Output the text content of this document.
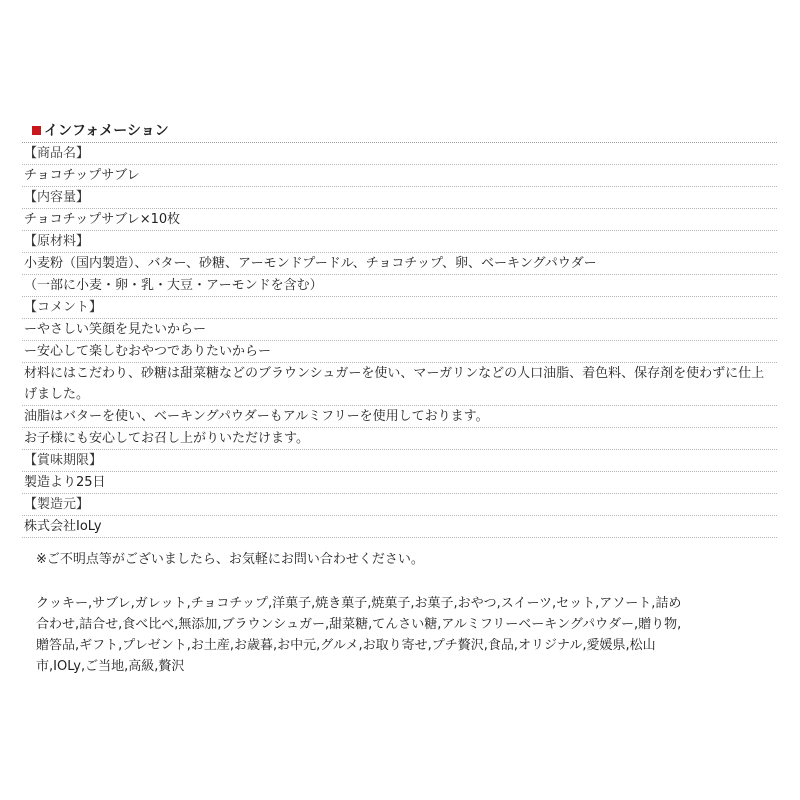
インフォメーション
【商品名】
チョコチップサブレ
【内容量】
チョコチップサブレ×10枚
【原材料】
小麦粉（国内製造）、バター、砂糖、アーモンドプードル、チョコチップ、卵、ベーキングパウダー
（一部に小麦・卵・乳・大豆・アーモンドを含む）
【コメント】
ーやさしい笑顔を見たいからー
ー安心して楽しむおやつでありたいからー
材料にはこだわり、砂糖は甜菜糖などのブラウンシュガーを使い、マーガリンなどの人口油脂、着色料、保存剤を使わずに仕上げました。
油脂はバターを使い、ベーキングパウダーもアルミフリーを使用しております。
お子様にも安心してお召し上がりいただけます。
【賞味期限】
製造より25日
【製造元】
株式会社IoLy
※ご不明点等がございましたら、お気軽にお問い合わせください。
クッキー,サブレ,ガレット,チョコチップ,洋菓子,焼き菓子,焼菓子,お菓子,おやつ,スイーツ,セット,アソート,詰め
合わせ,詰合せ,食べ比べ,無添加,ブラウンシュガー,甜菜糖,てんさい糖,アルミフリーベーキングパウダー,贈り物,
贈答品,ギフト,プレゼント,お土産,お歳暮,お中元,グルメ,お取り寄せ,プチ贅沢,食品,オリジナル,愛媛県,松山
市,IOLy,ご当地,高級,贅沢
